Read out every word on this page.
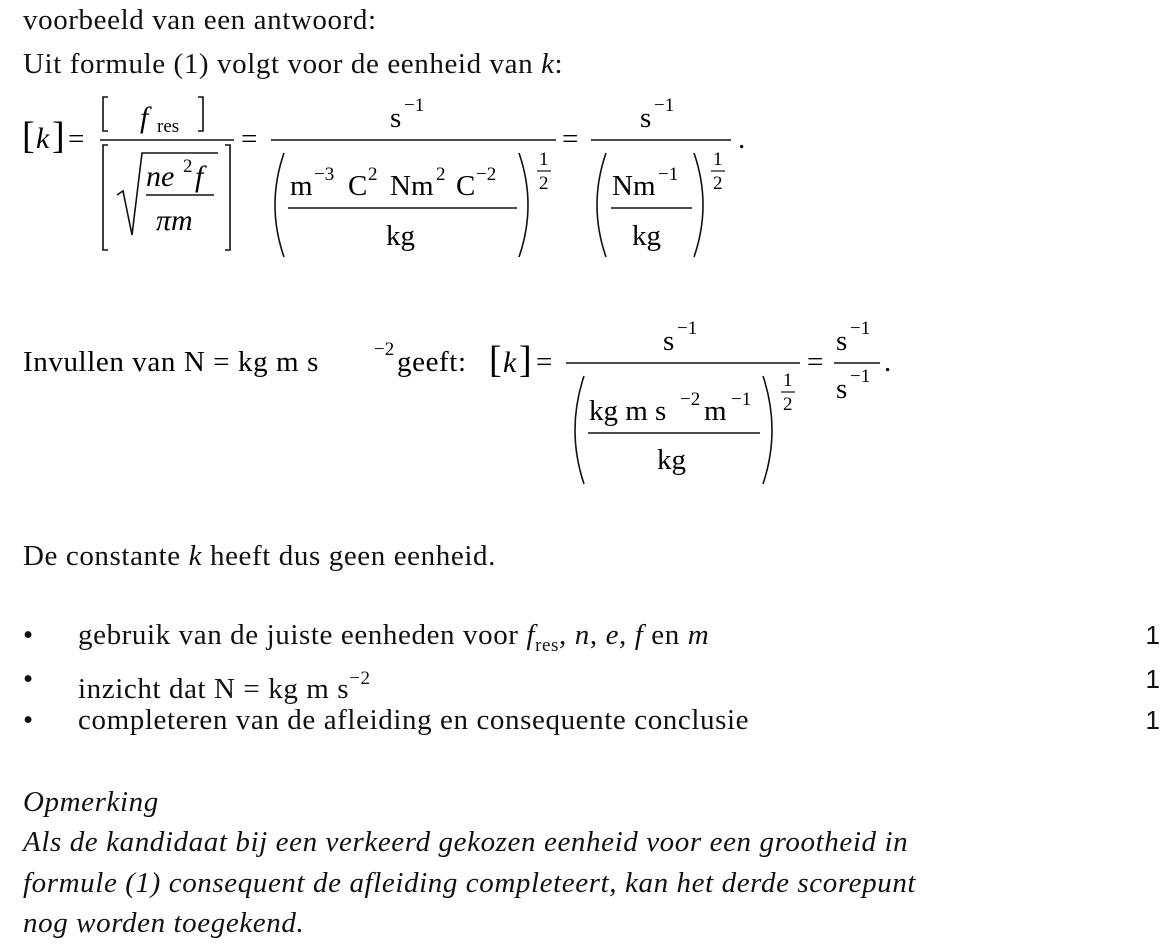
voorbeeld van een antwoord:
Uit formule (1) volgt voor de eenheid van k:
[ k ] =
f res
ne 2 f
πm
=
s −1
m −3 C 2 Nm 2 C −2
kg
1
2
=
s −1
Nm −1
kg
1
2
.
Invullen van N = kg m s	−2 geeft: [ k ] =
s −1
kg m s −2 m −1
kg
1
2
=
s −1
s −1 .
De constante k heeft dus geen eenheid.
• gebruik van de juiste eenheden voor $f_{res}$, n, e, f en m	1
• inzicht dat N = kg m $s^{-2}$	1
• completeren van de afleiding en consequente conclusie	1
Opmerking
Als de kandidaat bij een verkeerd gekozen eenheid voor een grootheid in
formule (1) consequent de afleiding completeert, kan het derde scorepunt
nog worden toegekend.
